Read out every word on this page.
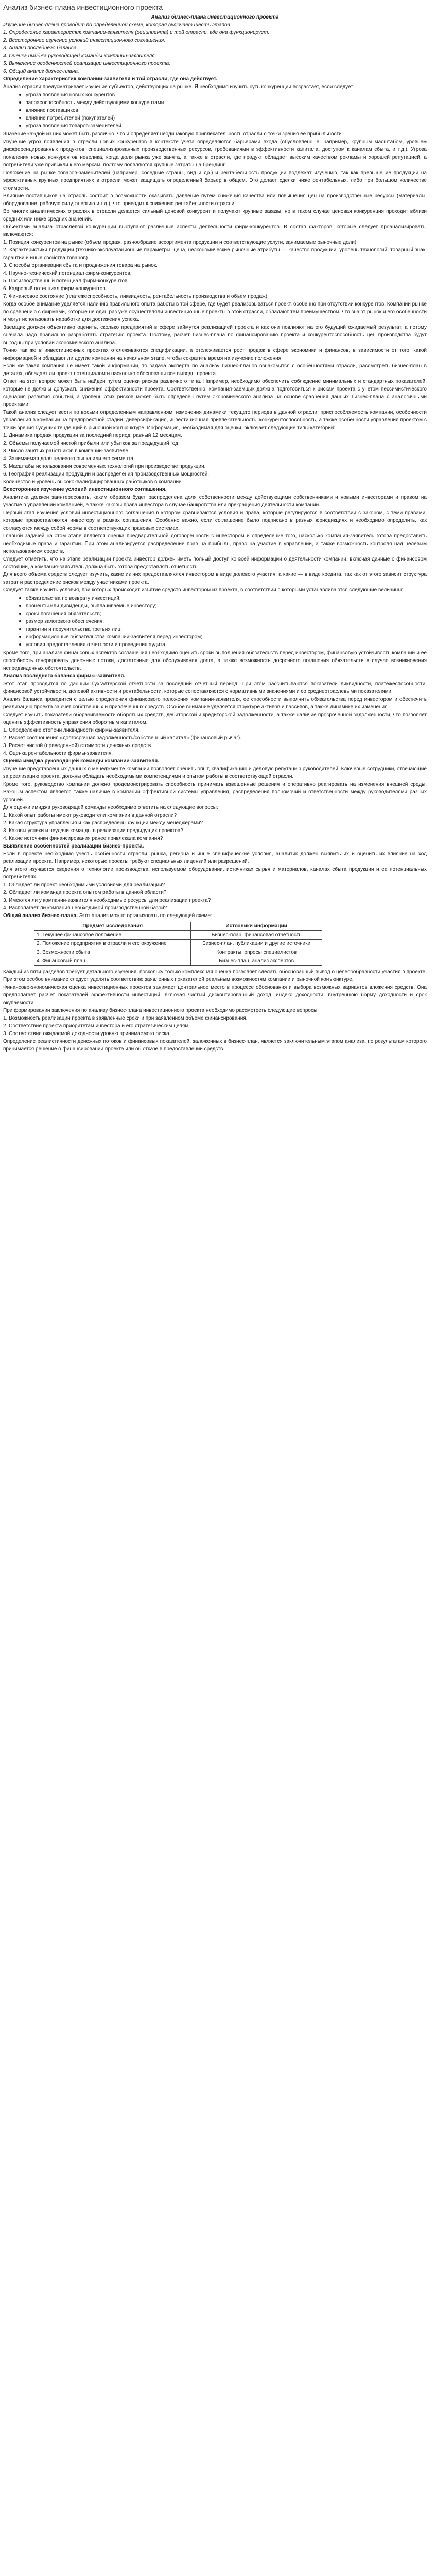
Анализ бизнес-плана инвестиционного проекта

Анализ бизнес-плана инвестиционного проекта

Изучение бизнес-плана проводит по определенной схеме, которая включает шесть этапов:

1. Определение характеристик компании-заявителя (реципиента) и той отрасли, где она функционирует.

2. Всестороннее изучение условий инвестиционного соглашения.

3. Анализ последнего баланса.

4. Оценка имиджа руководящей команды компании-заявителя.

5. Выявление особенностей реализации инвестиционного проекта.

6. Общий анализ бизнес-плана.

Определение характеристик компании-заявителя и той отрасли, где она действует.

Анализ отрасли предусматривает изучение субъектов, действующих на рынке. Я необходимо изучить суть конкуренции возрастает, если следует:

угроза появления новых конкурентов
запрасоспособность между действующими конкурентами
влияние поставщиков
влияние потребителей (покупателей)
угроза появления товаров-заменителей

Значение каждой из них может быть различно, что и определяет неодинаковую привлекательность отрасли с точки зрения ее прибыльности.

Изучение угроз появления в отрасли новых конкурентов в контексте учета определяются барьерами входа (обусловленные, например, крупным масштабом, уровнем дифференцированных продуктов, специализированных производственных ресурсов, требованиями в эффективности капитала, доступом к каналам сбыта, и т.д.). Угроза появления новых конкурентов невелика, когда доля рынка уже занята, а также в отрасли, где продукт обладает высоким качеством рекламы и хорошей репутацией, а потребители уже привыкли к его маркам, поэтому появляются крупные затраты на брендинг.

Положение на рынке товаров-заменителей (например, соседние страны, вид и др.) и рентабельность продукции подлежат изучению, так как превышение продукции на эффективных крупных предприятиях в отрасли может защищать определенный барьер в общем. Это делает сделки ниже рентабельных, либо при большом количестве стоимости.

Влияние поставщиков на отрасль состоит в возможности оказывать давление путем снижения качества или повышения цен на производственные ресурсы (материалы, оборудование, рабочую силу, энергию и т.д.), что приводит к снижению рентабельности отрасли.

Во многих аналитических отраслях в отрасли делается сильный ценовой конкурент и получают крупные заказы, но в таком случае ценовая конкуренция проходит вблизи средних или ниже средних значений.

Объектами анализа отраслевой конкуренции выступают различные аспекты деятельности фирм-конкурентов. В состав факторов, которые следует проанализировать, включаются:

1. Позиция конкурентов на рынке (объем продаж, разнообразие ассортимента продукции и соответствующие услуги, занимаемые рыночные доли).

2. Характеристики продукции (технико-эксплуатационные параметры, цена, неэкономические рыночные атрибуты — качество продукции, уровень технологий, товарный знак, гарантии и иные свойства товаров).

3. Способы организации сбыта и продвижения товара на рынок.

4. Научно-технический потенциал фирм-конкурентов.

5. Производственный потенциал фирм-конкурентов.

6. Кадровый потенциал фирм-конкурентов.

7. Финансовое состояние (платежеспособность, ликвидность, рентабельность производства и объем продаж).

Когда особое внимание уделяется наличию правильного опыта работы в той сфере, где будет реализовываться проект, особенно при отсутствии конкурентов. Компании рынке по сравнению с фирмами, которые не один раз уже осуществляли инвестиционные проекты в этой отрасли, обладают тем преимуществом, что знают рынок и его особенности и могут использовать наработки для достижения успеха.

Заемщик должен объективно оценить, сколько предприятий в сфере займутся реализацией проекта и как они повлияют на его будущий ожидаемый результат, а потому сначала надо правильно разработать стратегию проекта. Поэтому, расчет бизнес-плана по финансированию проекта и конкурентоспособность цен производства будут выгодны при условии экономического анализа.

Точно так же в инвестиционных проектах отслеживаются спецификации, а отслеживается рост продаж в сфере экономики и финансов, в зависимости от того, какой информацией и обладают ли другие компании на начальном этапе, чтобы сократить время на изучение положения.

Если же такая компания не имеет такой информации, то задача эксперта по анализу бизнес-планов ознакомится с особенностями отрасли, рассмотреть бизнес-план в деталях, обладает ли проект потенциалом и насколько обоснованы все выводы проекта.

Ответ на этот вопрос может быть найден путем оценки рисков различного типа. Например, необходимо обеспечить соблюдение минимальных и стандартных показателей, которые не должны допускать снижения эффективности проекта. Соответственно, компания-заемщик должна подготовиться к рискам проекта с учетом пессимистического сценария развития событий, а уровень этих рисков может быть определен путем экономического анализа на основе сравнения данных бизнес-плана с аналогичными проектами.

Такой анализ следует вести по восьми определенным направлениям: изменения динамики текущего периода в данной отрасли, приспособляемость компании, особенности управления в компании на предпроектной стадии, диверсификация, инвестиционная привлекательность, конкурентоспособность, а также особенности управления проектом с точки зрения будущих тенденций в рыночной конъюнктуре. Информация, необходимая для оценки, включает следующие типы категорий:

1. Динамика продаж продукции за последний период, равный 12 месяцам.

2. Объемы получаемой чистой прибыли или убытков за предыдущий год.

3. Число занятых работников в компании-заявителе.

4. Занимаемая доля целевого рынка или его сегмента.

5. Масштабы использования современных технологий при производстве продукции.

6. География реализации продукции и распределения производственных мощностей.

Количество и уровень высококвалифицированных работников в компании.

Всестороннее изучение условий инвестиционного соглашения.

Аналитика должен заинтересовать, каким образом будет распределена доля собственности между действующими собственниками и новыми инвесторами и правом на участие в управлении компанией, а также каковы права инвестора в случае банкротства или прекращения деятельности компании.

Первый этап изучения условий инвестиционного соглашения в котором сравниваются условия и права, которые регулируются в соответствии с законом, с теми правами, которые предоставляются инвестору в рамках соглашения. Особенно важно, если соглашение было подписано в разных юрисдикциях и необходимо определить, как согласуются между собой нормы в соответствующих правовых системах.

Главной задачей на этом этапе является оценка предварительной договоренности с инвестором и определение того, насколько компания-заявитель готова предоставить необходимые права и гарантии. При этом анализируется распределение прав на прибыль, право на участие в управлении, а также возможность контроля над целевым использованием средств.

Следует отметить, что на этапе реализации проекта инвестор должен иметь полный доступ ко всей информации о деятельности компании, включая данные о финансовом состоянии, а компания-заявитель должна быть готова предоставлять отчетность.

Для всего объема средств следует изучить, какие из них предоставляются инвестором в виде долевого участия, а какие — в виде кредита, так как от этого зависит структура затрат и распределение рисков между участниками проекта.

Следует также изучить условия, при которых происходит изъятие средств инвестором из проекта, в соответствии с которыми устанавливаются следующие величины:

обязательства по возврату инвестиций;
проценты или дивиденды, выплачиваемые инвестору;
сроки погашения обязательств;
размер залогового обеспечения;
гарантии и поручительства третьих лиц;
информационные обязательства компании-заявителя перед инвестором;
условия предоставления отчетности и проведения аудита.

Кроме того, при анализе финансовых аспектов соглашения необходимо оценить сроки выполнения обязательств перед инвестором, финансовую устойчивость компании и ее способность генерировать денежные потоки, достаточные для обслуживания долга, а также возможность досрочного погашения обязательств в случае возникновения непредвиденных обстоятельств.

Анализ последнего баланса фирмы-заявителя.

Этот этап проводится по данным бухгалтерской отчетности за последний отчетный период. При этом рассчитываются показатели ликвидности, платежеспособности, финансовой устойчивости, деловой активности и рентабельности, которые сопоставляются с нормативными значениями и со среднеотраслевыми показателями.

Анализ баланса проводится с целью определения финансового положения компании-заявителя, ее способности выполнить обязательства перед инвестором и обеспечить реализацию проекта за счет собственных и привлеченных средств. Особое внимание уделяется структуре активов и пассивов, а также динамике их изменения.

Следует изучить показатели оборачиваемости оборотных средств, дебиторской и кредиторской задолженности, а также наличие просроченной задолженности, что позволяет оценить эффективность управления оборотным капиталом.

1. Определение степени ликвидности фирмы-заявителя.

2. Расчет соотношения «долгосрочная задолженность/собственный капитал» (финансовый рычаг).

3. Расчет чистой (приведенной) стоимости денежных средств.

4. Оценка рентабельности фирмы-заявителя.

Оценка имиджа руководящей команды компании-заявителя.

Изучение представленных данных о менеджменте компании позволяет оценить опыт, квалификацию и деловую репутацию руководителей. Ключевые сотрудники, отвечающие за реализацию проекта, должны обладать необходимыми компетенциями и опытом работы в соответствующей отрасли.

Кроме того, руководство компании должно продемонстрировать способность принимать взвешенные решения и оперативно реагировать на изменения внешней среды. Важным аспектом является также наличие в компании эффективной системы управления, распределения полномочий и ответственности между руководителями разных уровней.

Для оценки имиджа руководящей команды необходимо ответить на следующие вопросы:

1. Какой опыт работы имеют руководители компании в данной отрасли?

2. Какая структура управления и как распределены функции между менеджерами?

3. Каковы успехи и неудачи команды в реализации предыдущих проектов?

4. Какие источники финансирования ранее привлекала компания?

Выявление особенностей реализации бизнес-проекта.

Если в проекте необходимо учесть особенности отрасли, рынка, региона и иные специфические условия, аналитик должен выявить их и оценить их влияние на ход реализации проекта. Например, некоторые проекты требуют специальных лицензий или разрешений.

Для этого изучаются сведения о технологии производства, используемом оборудовании, источниках сырья и материалов, каналах сбыта продукции и ее потенциальных потребителях.

1. Обладает ли проект необходимыми условиями для реализации?

2. Обладает ли команда проекта опытом работы в данной области?

3. Имеются ли у компании-заявителя необходимые ресурсы для реализации проекта?

4. Располагает ли компания необходимой производственной базой?

Общий анализ бизнес-плана. Этот анализ можно организовать по следующей схеме:

Предмет исследования	Источники информации
1. Текущее финансовое положение	Бизнес-план, финансовая отчетность
2. Положение предприятия в отрасли и его окружение	Бизнес-план, публикации и другие источники
3. Возможности сбыта	Контракты, опросы специалистов
4. Финансовый план	Бизнес-план, анализ экспертов

Каждый из пяти разделов требует детального изучения, поскольку только комплексная оценка позволяет сделать обоснованный вывод о целесообразности участия в проекте. При этом особое внимание следует уделять соответствию заявленных показателей реальным возможностям компании и рыночной конъюнктуре.

Финансово-экономическая оценка инвестиционных проектов занимает центральное место в процессе обоснования и выбора возможных вариантов вложения средств. Она предполагает расчет показателей эффективности инвестиций, включая чистый дисконтированный доход, индекс доходности, внутреннюю норму доходности и срок окупаемости.

При формировании заключения по анализу бизнес-плана инвестиционного проекта необходимо рассмотреть следующие вопросы:

1. Возможность реализации проекта в заявленные сроки и при заявленном объеме финансирования.

2. Соответствие проекта приоритетам инвестора и его стратегическим целям.

3. Соответствие ожидаемой доходности уровню принимаемого риска.

Определение реалистичности денежных потоков и финансовых показателей, заложенных в бизнес-план, является заключительным этапом анализа, по результатам которого принимается решение о финансировании проекта или об отказе в предоставлении средств.
